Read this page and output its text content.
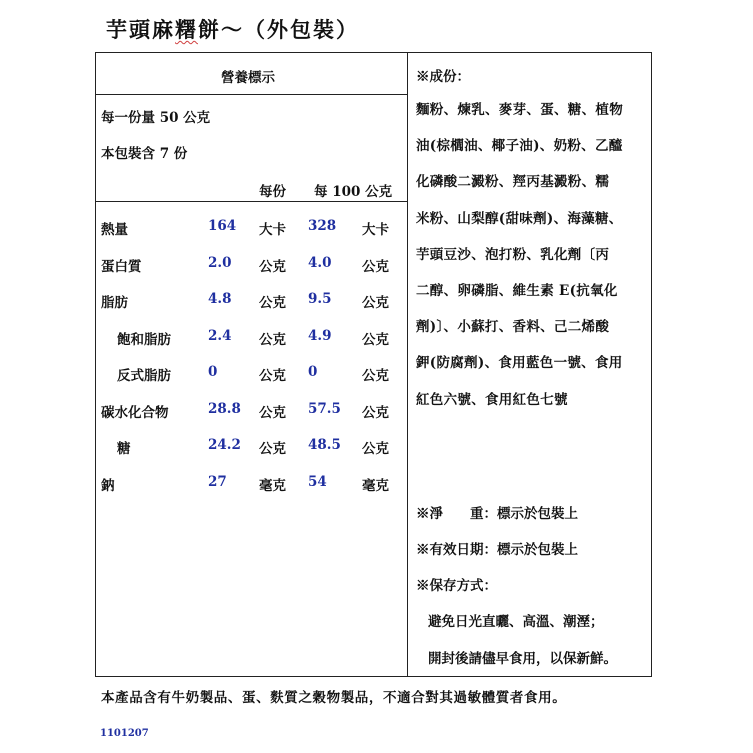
芋頭麻糬餅～（外包裝）
營養標示
每一份量 50 公克
本包裝含 7 份
每份 每 100 公克
熱量	164 大卡 328 大卡
蛋白質	2.0 公克 4.0 公克
脂肪	4.8 公克 9.5 公克
飽和脂肪	2.4 公克 4.9 公克
反式脂肪	0	公克 0	公克
碳水化合物	28.8 公克 57.5 公克
糖	24.2 公克 48.5 公克
鈉	27 毫克 54	毫克
※成份：
麵粉、煉乳、麥芽、蛋、糖、植物
油(棕櫚油、椰子油)、奶粉、乙醯
化磷酸二澱粉、羥丙基澱粉、糯
米粉、山梨醇(甜味劑)、海藻糖、
芋頭豆沙、泡打粉、乳化劑〔丙
二醇、卵磷脂、維生素 E(抗氧化
劑)〕、小蘇打、香料、己二烯酸
鉀(防腐劑)、食用藍色一號、食用
紅色六號、食用紅色七號
※淨　　重：標示於包裝上
※有效日期：標示於包裝上
※保存方式：
避免日光直曬、高溫、潮溼；
開封後請儘早食用，以保新鮮。
本產品含有牛奶製品、蛋、麩質之穀物製品，不適合對其過敏體質者食用。
1101207
